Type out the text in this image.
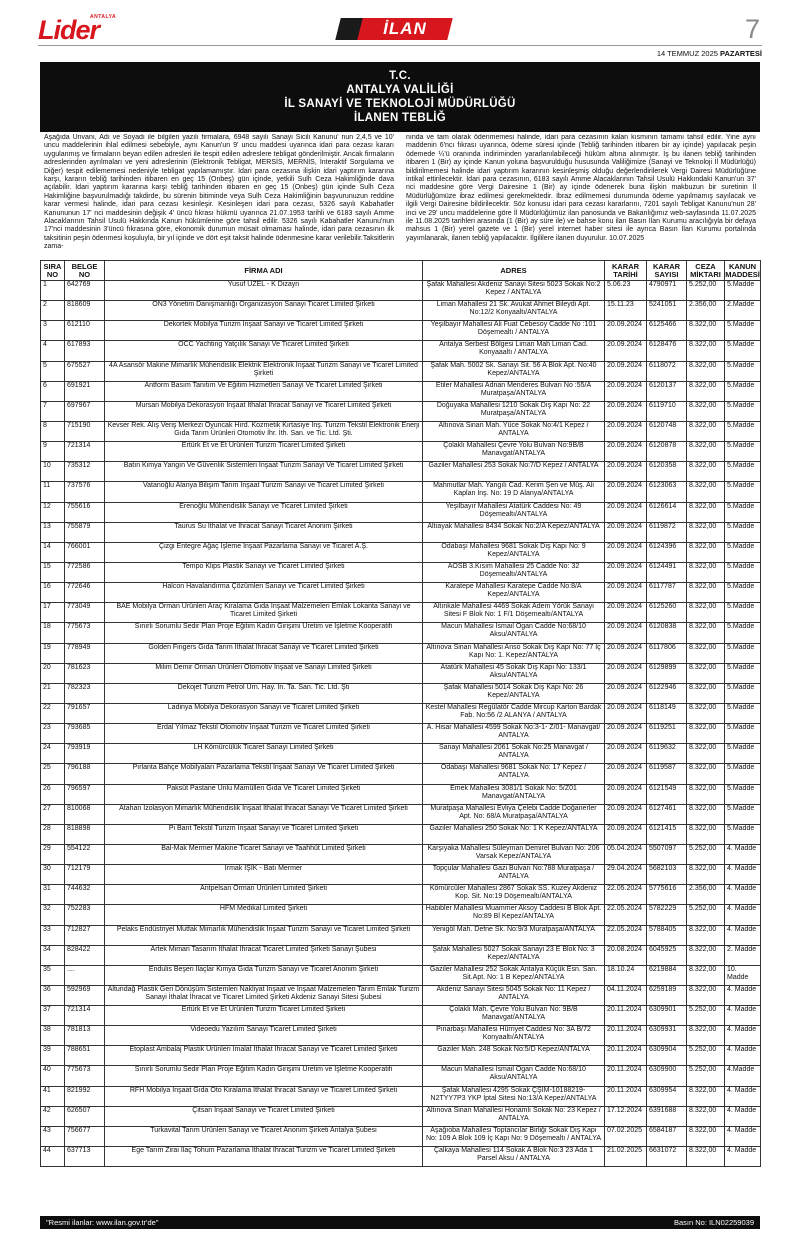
Lider
ANTALYA
İLAN	7
14 TEMMUZ 2025 PAZARTESİ
T.C.
ANTALYA VALİLİĞİ
İL SANAYİ VE TEKNOLOJİ MÜDÜRLÜĞÜ
İLANEN TEBLİĞ
Aşağıda Ünvanı, Adı ve Soyadı ile bilgileri yazılı firmalara, 6948 sayılı Sanayi Sicili Kanunu' nun 2,4,5 ve 10' uncu maddelerinin ihlal edilmesi sebebiyle, aynı Kanun'un 9' uncu maddesi uyarınca idari para cezası kararı uygulanmış ve firmaların beyan edilen adresleri ile tespit edilen adreslere tebligat gönderilmiştir. Ancak firmaların adreslerinden ayrılmaları ve yeni adreslerinin (Elektronik Tebligat, MERSİS, MERNİS, İnteraktif Sorgulama ve Diğer) tespit edilememesi nedeniyle tebligat yapılamamıştır. İdari para cezasına ilişkin idari yaptırım kararına karşı, kararın tebliğ tarihinden itibaren en geç 15 (Onbeş) gün içinde, yetkili Sulh Ceza Hakimliğinde dava açılabilir. İdari yaptırım kararına karşı tebliğ tarihinden itibaren en geç 15 (Onbeş) gün içinde Sulh Ceza Hakimliğine başvurulmadığı takdirde, bu sürenin bitiminde veya Sulh Ceza Hakimliğinin başvurunuzun reddine karar vermesi halinde, idari para cezası kesinleşir. Kesinleşen idari para cezası, 5326 sayılı Kabahatler Kanununun 17' nci maddesinin değişik 4' üncü fıkrası hükmü uyarınca 21.07.1953 tarihli ve 6183 sayılı Amme Alacaklarının Tahsil Usulü Hakkında Kanun hükümlerine göre tahsil edilir. 5326 sayılı Kabahatler Kanunu'nun 17'nci maddesinin 3'üncü fıkrasına göre, ekonomik durumun müsait olmaması halinde, idari para cezasının ilk taksitinin peşin ödenmesi koşuluyla, bir yıl içinde ve dört eşit taksit halinde ödenmesine karar verilebilir.Taksitlerin zama-
nında ve tam olarak ödenmemesi halinde, idari para cezasının kalan kısmının tamamı tahsil edilir. Yine aynı maddenin 6'ncı fıkrası uyarınca, ödeme süresi içinde (Tebliğ tarihinden itibaren bir ay içinde) yapılacak peşin ödemede ¼'ü oranında indiriminden yararlanılabileceği hüküm altına alınmıştır. İş bu ilanen tebliğ tarihinden itibaren 1 (Bir) ay içinde Kanun yoluna başvurulduğu hususunda Valiliğimize (Sanayi ve Teknoloji İl Müdürlüğü) bildirilmemesi halinde idari yaptırım kararının kesinleşmiş olduğu değerlendirilerek Vergi Dairesi Müdürlüğüne intikal ettirilecektir. İdari para cezasının, 6183 sayılı Amme Alacaklarının Tahsil Usulü Hakkındaki Kanun'un 37' nci maddesine göre Vergi Dairesine 1 (Bir) ay içinde ödenerek buna ilişkin makbuzun bir suretinin İl Müdürlüğümüze ibraz edilmesi gerekmektedir. İbraz edilmemesi durumunda ödeme yapılmamış sayılacak ve ilgili Vergi Dairesine bildirilecektir. Söz konusu idari para cezası kararlarını, 7201 sayılı Tebligat Kanunu'nun 28' inci ve 29' uncu maddelerine göre İl Müdürlüğümüz ilan panosunda ve Bakanlığımız web-sayfasında 11.07.2025 ile 11.08.2025 tarihleri arasında (1 (Bir) ay süre ile) ve bahse konu ilan Basın İlan Kurumu aracılığıyla bir defaya mahsus 1 (Bir) yerel gazete ve 1 (Bir) yerel internet haber sitesi ile ayrıca Basın İlan Kurumu portalında yayımlanarak, ilanen tebliğ yapılacaktır. İlgililere ilanen duyurulur. 10.07.2025
SIRA NO	BELGE NO	FİRMA ADI	ADRES	KARAR TARİHİ	KARAR SAYISI	CEZA MİKTARI	KANUN MADDESİ
1	642769	Yusuf UZEL - K Dizayn	Şafak Mahallesi Akdeniz Sanayi Sitesi 5023 Sokak No:2 Kepez / ANTALYA	5.06.23	4790971	5.252,00	5.Madde
2	818609	ON3 Yönetim Danışmanlığı Organizasyon Sanayi Ticaret Limited Şirketi	Liman Mahallesi 21 Sk. Avukat Ahmet Bileydi Apt. No:12/2 Konyaaltı/ANTALYA	15.11.23	5241051	2.356,00	2.Madde
3	612110	Dekortek Mobilya Turizm İnşaat Sanayi ve Ticaret Limited Şirketi	Yeşilbayır Mahallesi Ali Fuat Cebesoy Cadde No :101 Döşemealtı / ANTALYA	20.09.2024	6125466	8.322,00	5.Madde
4	617893	OCC Yachting Yatçılık Sanayi Ve Ticaret Limited Şirketi	Antalya Serbest Bölgesi Liman Mah Liman Cad. Konyaaaltı / ANTALYA	20.09.2024	6128476	8.322,00	5.Madde
5	675527	4A Asansör Makine Mimarlık Mühendislik Elektrik Elektronik İnşaat Turizm Sanayi ve Ticaret Limited Şirketi	Şafak Mah. 5002 Sk. Sanayi Sit. 56 A Blok Apt. No:40 Kepez/ANTALYA	20.09.2024	6118072	8.322,00	5.Madde
6	691921	Antform Basım Tanıtım Ve Eğitim Hizmetleri Sanayi Ve Ticaret Limited Şirketi	Etiler Mahallesi Adnan Menderes Bulvarı No :55/A Muratpaşa/ANTALYA	20.09.2024	6120137	8.322,00	5.Madde
7	697967	Mursan Mobilya Dekorasyon İnşaat İthalat İhracat Sanayi ve Ticaret Limited Şirketi	Doğuyaka Mahallesi 1210 Sokak Dış Kapı No: 22 Muratpaşa/ANTALYA	20.09.2024	6119710	8.322,00	5.Madde
8	715190	Kevser Rek. Alış Veriş Merkezi Oyuncak Hırd. Kozmetik Kırtasiye İnş. Turizm Tekstil Elektronik Enerji Gıda Tarım Ürünleri Otomotiv İhr. İth. San. ve Tic. Ltd. Şti.	Altınova Sinan Mah. Yüce Sokak No:4/1 Kepez / ANTALYA	20.09.2024	6120748	8.322,00	5.Madde
9	721314	Ertürk Et ve Et Ürünleri Turizm Ticaret Limited Şirketi	Çolaklı Mahallesi Çevre Yolu Bulvarı No:9B/B Manavgat/ANTALYA	20.09.2024	6120878	8.322,00	5.Madde
10	735312	Batın Kimya Yangın Ve Güvenlik Sistemleri İnşaat Turizm Sanayi Ve Ticaret Limited Şirketi	Gaziler Mahallesi 253 Sokak No:7/D Kepez / ANTALYA	20.09.2024	6120358	8.322,00	5.Madde
11	737576	Vatanoğlu Alanya Bilişim Tarım İnşaat Turizm Sanayi ve Ticaret Limited Şirketi	Mahmutlar Mah. Yangılı Cad. Kerim Şen ve Müş. Ali Kaplan İnş. No: 19 D Alanya/ANTALYA	20.09.2024	6123063	8.322,00	5.Madde
12	755616	Erenoğlu Mühendislik Sanayi ve Ticaret Limited Şirketi	Yeşilbayır Mahallesi Atatürk Caddesi No: 49 Döşemealtı/ANTALYA	20.09.2024	6126614	8.322,00	5.Madde
13	755879	Taurus Su İthalat ve İhracat Sanayi Ticaret Anonim Şirketi	Altıayak Mahallesi 8434 Sokak No:2/A Kepez/ANTALYA	20.09.2024	6119872	8.322,00	5.Madde
14	766001	Çizgi Entegre Ağaç İşleme İnşaat Pazarlama Sanayi ve Ticaret A.Ş.	Odabaşı Mahallesi 9681 Sokak Dış Kapı No: 9 Kepez/ANTALYA	20.09.2024	6124396	8.322,00	5.Madde
15	772586	Tempo Klips Plastik Sanayi ve Ticaret Limited Şirketi	AOSB 3.Kısım Mahallesi 25 Cadde No: 32 Döşemealtı/ANTALYA	20.09.2024	6124491	8.322,00	5.Madde
16	772646	Halcon Havalandırma Çözümleri Sanayi ve Ticaret Limited Şirketi	Karatepe Mahallesi Karatepe Cadde No:8/A Kepez/ANTALYA	20.09.2024	6117787	8.322,00	5.Madde
17	773049	BAE Mobilya Orman Ürünleri Araç Kiralama Gıda İnşaat Malzemeleri Emlak Lokanta Sanayi ve Ticaret Limited Şirketi	Altınkale Mahallesi 4469 Sokak Adem Yörük Sanayi Sitesi F Blok No: 1 F/1 Döşemealtı/ANTALYA	20.09.2024	6125260	8.322,00	5.Madde
18	775673	Sınırlı Sorumlu Sedir Plan Proje Eğitim Kadın Girişimi Üretim ve İşletme Kooperatifi	Macun Mahallesi İsmail Ogan Cadde No:68/10 Aksu/ANTALYA	20.09.2024	6120838	8.322,00	5.Madde
19	778949	Golden Fingers Gıda Tarım İthalat İhracat Sanayi ve Ticaret Limited Şirketi	Altınova Sinan Mahallesi Anso Sokak Dış Kapı No: 77 İç Kapı No: 1. Kepez/ANTALYA	20.09.2024	6117806	8.322,00	5.Madde
20	781623	Milim Demir Orman Ürünleri Otomotiv İnşaat ve Sanayi Limited Şirketi	Atatürk Mahallesi 45 Sokak Dış Kapı No: 133/1 Aksu/ANTALYA	20.09.2024	6129899	8.322,00	5.Madde
21	782323	Dekojet Turizm Petrol Ürn. Hay. İn. Ta. San. Tic. Ltd. Şti	Şafak Mahallesi 5014 Sokak Dış Kapı No: 26 Kepez/ANTALYA	20.09.2024	6122946	8.322,00	5.Madde
22	791657	Ladinya Mobilya Dekorasyon Sanayi ve Ticaret Limited Şirketi	Kestel Mahallesi Regülatör Cadde Mircup Karton Bardak Fab. No:56 /2 ALANYA / ANTALYA	20.09.2024	6118149	8.322,00	5.Madde
23	793685	Erdal Yılmaz Tekstil Otomotiv İnşaat Turizm ve Ticaret Limited Şirketi	A. Hisar Mahallesi 4599 Sokak No:3-1- Z/01- Manavgat/ ANTALYA	20.09.2024	6119251	8.322,00	5.Madde
24	793919	LH Kömürcülük Ticaret Sanayi Limited Şirketi	Sanayi Mahallesi 2061 Sokak No:25 Manavgat / ANTALYA	20.09.2024	6119632	8.322,00	5.Madde
25	796188	Pırlanta Bahçe Mobilyaları Pazarlama Tekstil İnşaat Sanayi Ve Ticaret Limited Şirketi	Odabaşı Mahallesi 9681 Sokak No: 17 Kepez / ANTALYA	20.09.2024	6119587	8.322,00	5.Madde
26	796597	Paksüt Pastane Unlu Mamülleri Gıda Ve Ticaret Limited Şirketi	Emek Mahallesi 3081/1 Sokak No: 5/Z01 Manavgat/ANTALYA	20.09.2024	6121549	8.322,00	5.Madde
27	810068	Atahan İzolasyon Mimarlık Mühendislik İnşaat İthalat İhracat Sanayi Ve Ticaret Limited Şirketi	Muratpaşa Mahallesi Evliya Çelebi Cadde Doğanerler Apt. No: 68/A Muratpaşa/ANTALYA	20.09.2024	6127461	8.322,00	5.Madde
28	818898	Pi Bant Tekstil Turizm İnşaat Sanayi ve Ticaret Limited Şirketi	Gaziler Mahallesi 250 Sokak No: 1 K Kepez/ANTALYA	20.09.2024	6121415	8.322,00	5.Madde
29	554122	Bal-Mak Mermer Makine Ticaret Sanayi ve Taahhüt Limited Şirketi	Karşıyaka Mahallesi Süleyman Demirel Bulvarı No: 206 Varsak Kepez/ANTALYA	05.04.2024	5507097	5.252,00	4. Madde
30	712179	Irmak IŞIK - Batı Mermer	Topçular Mahallesi Gazi Bulvarı No:788 Muratpaşa / ANTALYA	29.04.2024	5682103	8.322,00	4. Madde
31	744632	Antpelsan Orman Ürünleri Limited Şirketi	Kömürcüler Mahallesi 2867 Sokak SS. Kuzey Akdeniz Kop. Sit. No:19 Döşemealtı/ANTALYA	22.05.2024	5775616	2.356,00	4. Madde
32	752283	HFM Medikal Limited Şirketi	Habibler Mahallesi Muammer Aksoy Caddesi B Blok Apt. No:89 Bl Kepez/ANTALYA	22.05.2024	5782229	5.252,00	4. Madde
33	712827	Pelaks Endüstriyel Mutfak Mimarlık Mühendislik İnşaat Turizm Sanayi ve Ticaret Limited Şirketi	Yenigöl Mah. Defne Sk. No:9/3 Muratpaşa/ANTALYA	22.05.2024	5788405	8.322,00	4. Madde
34	828422	Artek Mimari Tasarım İthalat İhracat Ticaret Limited Şirketi Sanayi Şubesi	Şafak Mahallesi 5027 Sokak Sanayi 23 E Blok No: 3 Kepez/ANTALYA	20.08.2024	6045925	8.322,00	2. Madde
35	....	Endulis Beşeri İlaçlar Kimya Gıda Turizm Sanayi ve Ticaret Anonim Şirketi	Gaziler Mahallesi 252 Sokak Antalya Küçük Esn. San. Sit.Apt. No: 1 B Kepez/ANTALYA	18.10.24	6219884	8.322,00	10. Madde
36	592969	Altundağ Plastik Geri Dönüşüm Sistemleri Nakliyat İnşaat ve İnşaat Malzemeleri Tarım Emlak Turizm Sanayi İthalat İhracat ve Ticaret Limited Şirketi Akdeniz Sanayi Sitesi Şubesi	Akdeniz Sanayi Sitesi 5045 Sokak No: 11 Kepez / ANTALYA	04.11.2024	6259189	8.322,00	4. Madde
37	721314	Ertürk Et ve Et Ürünleri Turizm Ticaret Limited Şirketi	Çolaklı Mah. Çevre Yolu Bulvarı No: 9B/B Manavgat/ANTALYA	20.11.2024	6309901	5.252,00	4. Madde
38	781813	Videoedu Yazılım Sanayi Ticaret Limited Şirketi	Pınarbaşı Mahallesi Hürriyet Caddesi No: 3A B/72 Konyaaltı/ANTALYA	20.11.2024	6309931	8.322,00	4. Madde
39	788651	Etoplast Ambalaj Plastik Ürünleri İmalat İthalat İhracat Sanayi ve Ticaret Limited Şirketi	Gaziler Mah. 248 Sokak No:5/D Kepez/ANTALYA	20.11.2024	6309904	5.252,00	4. Madde
40	775673	Sınırlı Sorumlu Sedir Plan Proje Eğitim Kadın Girişimi Üretim ve İşletme Kooperatifi	Macun Mahallesi İsmail Ogan Cadde No:68/10 Aksu/ANTALYA	20.11.2024	6309900	5.252,00	4.Madde
41	821992	RFH Mobilya İnşaat Gıda Oto Kiralama İthalat İhracat Sanayi ve Ticaret Limited Şirketi	Şafak Mahallesi 4295 Sokak ÇŞİM-10188219-N2TYY7P3 YKP İptal Sitesi No:13/A Kepez/ANTALYA	20.11.2024	6309954	8.322,00	4. Madde
42	626507	Çitsan İnşaat Sanayi ve Ticaret Limited Şirketi	Altınova Sinan Mahallesi Honamlı Sokak No: 23 Kepez / ANTALYA	17.12.2024	6391688	8.322,00	4. Madde
43	756677	Turkavital Tarım Ürünleri Sanayi ve Ticaret Anonim Şirketi Antalya Şubesi	Aşağıoba Mahallesi Toptancılar Birliği Sokak Dış Kapı No: 109 A Blok 109 İç Kapı No: 9 Döşemealtı / ANTALYA	07.02.2025	6584187	8.322,00	4. Madde
44	637713	Ege Tarım Zirai İlaç Tohum Pazarlama İthalat İhracat Turizm ve Ticaret Limited Şirketi	Çalkaya Mahallesi 114 Sokak A Blok No:3 23 Ada 1 Parsel Aksu / ANTALYA	21.02.2025	6631072	8.322,00	4. Madde
"Resmi ilanlar: www.ilan.gov.tr'de"	Basın No: ILN02259039
